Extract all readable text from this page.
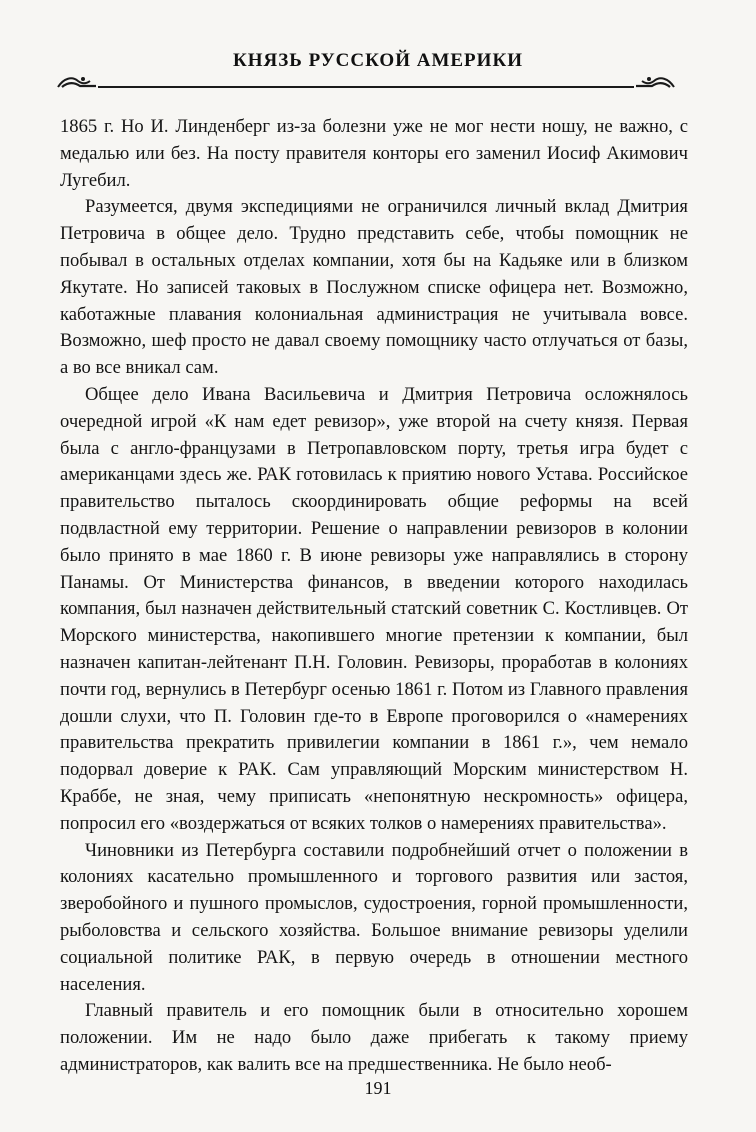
КНЯЗЬ РУССКОЙ АМЕРИКИ

1865 г. Но И. Линденберг из-за болезни уже не мог нести ношу, не важно, с медалью или без. На посту правителя конторы его заменил Иосиф Акимович Лугебил.

Разумеется, двумя экспедициями не ограничился личный вклад Дмитрия Петровича в общее дело. Трудно представить себе, чтобы помощник не побывал в остальных отделах компании, хотя бы на Кадьяке или в близком Якутате. Но записей таковых в Послужном списке офицера нет. Возможно, каботажные плавания колониальная администрация не учитывала вовсе. Возможно, шеф просто не давал своему помощнику часто отлучаться от базы, а во все вникал сам.

Общее дело Ивана Васильевича и Дмитрия Петровича осложнялось очередной игрой «К нам едет ревизор», уже второй на счету князя. Первая была с англо-французами в Петропавловском порту, третья игра будет с американцами здесь же. РАК готовилась к приятию нового Устава. Российское правительство пыталось скоординировать общие реформы на всей подвластной ему территории. Решение о направлении ревизоров в колонии было принято в мае 1860 г. В июне ревизоры уже направлялись в сторону Панамы. От Министерства финансов, в введении которого находилась компания, был назначен действительный статский советник С. Костливцев. От Морского министерства, накопившего многие претензии к компании, был назначен капитан-лейтенант П.Н. Головин. Ревизоры, проработав в колониях почти год, вернулись в Петербург осенью 1861 г. Потом из Главного правления дошли слухи, что П. Головин где-то в Европе проговорился о «намерениях правительства прекратить привилегии компании в 1861 г.», чем немало подорвал доверие к РАК. Сам управляющий Морским министерством Н. Краббе, не зная, чему приписать «непонятную нескромность» офицера, попросил его «воздержаться от всяких толков о намерениях правительства».

Чиновники из Петербурга составили подробнейший отчет о положении в колониях касательно промышленного и торгового развития или застоя, зверобойного и пушного промыслов, судостроения, горной промышленности, рыболовства и сельского хозяйства. Большое внимание ревизоры уделили социальной политике РАК, в первую очередь в отношении местного населения.

Главный правитель и его помощник были в относительно хорошем положении. Им не надо было даже прибегать к такому приему администраторов, как валить все на предшественника. Не было необ-

191
